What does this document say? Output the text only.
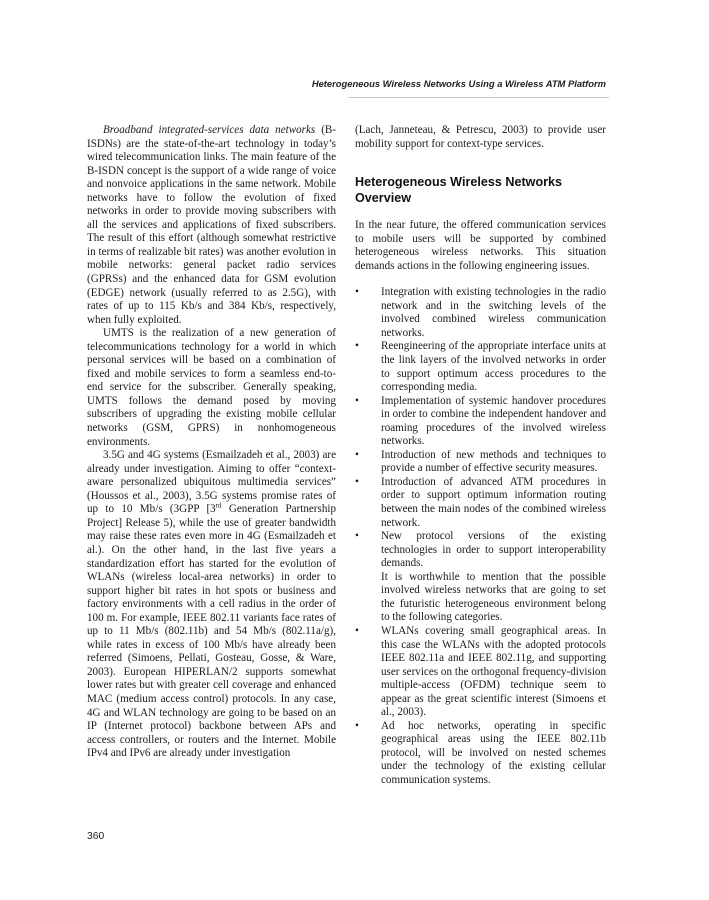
Heterogeneous Wireless Networks Using a Wireless ATM Platform

Broadband integrated-services data networks (B-ISDNs) are the state-of-the-art technology in today’s wired telecommunication links. The main feature of the B-ISDN concept is the support of a wide range of voice and nonvoice applications in the same network. Mobile networks have to follow the evolution of fixed networks in order to provide moving subscribers with all the services and applications of fixed subscribers. The result of this effort (although somewhat restrictive in terms of realizable bit rates) was another evolution in mobile networks: general packet radio services (GPRSs) and the enhanced data for GSM evolution (EDGE) network (usually referred to as 2.5G), with rates of up to 115 Kb/s and 384 Kb/s, respectively, when fully exploited.

UMTS is the realization of a new generation of telecommunications technology for a world in which personal services will be based on a combination of fixed and mobile services to form a seamless end-to-end service for the subscriber. Generally speaking, UMTS follows the demand posed by moving subscribers of upgrading the existing mobile cellular networks (GSM, GPRS) in nonhomogeneous environments.

3.5G and 4G systems (Esmailzadeh et al., 2003) are already under investigation. Aiming to offer “context-aware personalized ubiquitous multimedia services” (Houssos et al., 2003), 3.5G systems promise rates of up to 10 Mb/s (3GPP [3rd Generation Partnership Project] Release 5), while the use of greater bandwidth may raise these rates even more in 4G (Esmailzadeh et al.). On the other hand, in the last five years a standardization effort has started for the evolution of WLANs (wireless local-area networks) in order to support higher bit rates in hot spots or business and factory environments with a cell radius in the order of 100 m. For example, IEEE 802.11 variants face rates of up to 11 Mb/s (802.11b) and 54 Mb/s (802.11a/g), while rates in excess of 100 Mb/s have already been referred (Simoens, Pellati, Gosteau, Gosse, & Ware, 2003). European HIPERLAN/2 supports somewhat lower rates but with greater cell coverage and enhanced MAC (medium access control) protocols. In any case, 4G and WLAN technology are going to be based on an IP (Internet protocol) backbone between APs and access controllers, or routers and the Internet. Mobile IPv4 and IPv6 are already under investigation

(Lach, Janneteau, & Petrescu, 2003) to provide user mobility support for context-type services.

Heterogeneous Wireless Networks Overview

In the near future, the offered communication services to mobile users will be supported by combined heterogeneous wireless networks. This situation demands actions in the following engineering issues.

•	Integration with existing technologies in the radio network and in the switching levels of the involved combined wireless communication networks.
•	Reengineering of the appropriate interface units at the link layers of the involved networks in order to support optimum access procedures to the corresponding media.
•	Implementation of systemic handover procedures in order to combine the independent handover and roaming procedures of the involved wireless networks.
•	Introduction of new methods and techniques to provide a number of effective security measures.
•	Introduction of advanced ATM procedures in order to support optimum information routing between the main nodes of the combined wireless network.
•	New protocol versions of the existing technologies in order to support interoperability demands.

It is worthwhile to mention that the possible involved wireless networks that are going to set the futuristic heterogeneous environment belong to the following categories.

•	WLANs covering small geographical areas. In this case the WLANs with the adopted protocols IEEE 802.11a and IEEE 802.11g, and supporting user services on the orthogonal frequency-division multiple-access (OFDM) technique seem to appear as the great scientific interest (Simoens et al., 2003).
•	Ad hoc networks, operating in specific geographical areas using the IEEE 802.11b protocol, will be involved on nested schemes under the technology of the existing cellular communication systems.
360
